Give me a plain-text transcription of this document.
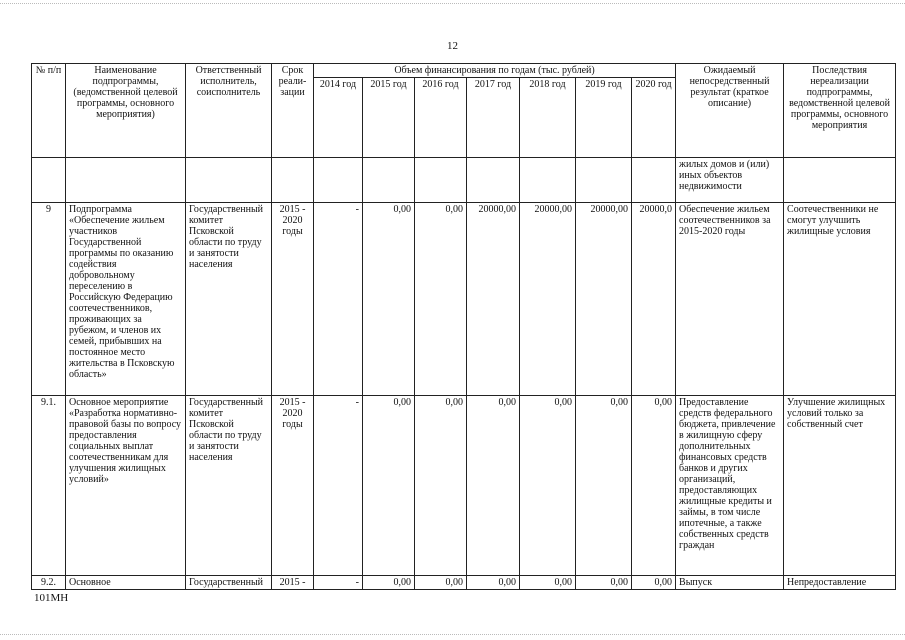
12
№ п/п	Наименование подпрограммы, (ведомственной целевой программы, основного мероприятия)	Ответственный исполнитель, соисполнитель	Срок реали-зации	Объем финансирования по годам (тыс. рублей)							Ожидаемый непосредственный результат (краткое описание)	Последствия нереализации подпрограммы, ведомственной целевой программы, основного мероприятия
				2014 год	2015 год	2016 год	2017 год	2018 год	2019 год	2020 год		
											жилых домов и (или) иных объектов недвижимости	
9	Подпрограмма «Обеспечение жильем участников Государственной программы по оказанию содействия добровольному переселению в Российскую Федерацию соотечественников, проживающих за рубежом, и членов их семей, прибывших на постоянное место жительства в Псковскую область»	Государственный комитет Псковской области по труду и занятости населения	2015 - 2020 годы	-	0,00	0,00	20000,00	20000,00	20000,00	20000,0	Обеспечение жильем соотечественников за 2015-2020 годы	Соотечественники не смогут улучшить жилищные условия
9.1.	Основное мероприятие «Разработка нормативно-правовой базы по вопросу предоставления социальных выплат соотечественникам для улучшения жилищных условий»	Государственный комитет Псковской области по труду и занятости населения	2015 - 2020 годы	-	0,00	0,00	0,00	0,00	0,00	0,00	Предоставление средств федерального бюджета, привлечение в жилищную сферу дополнительных финансовых средств банков и других организаций, предоставляющих жилищные кредиты и займы, в том числе ипотечные, а также собственных средств граждан	Улучшение жилищных условий только за собственный счет
9.2.	Основное	Государственный	2015 -	-	0,00	0,00	0,00	0,00	0,00	0,00	Выпуск	Непредоставление
101МН
